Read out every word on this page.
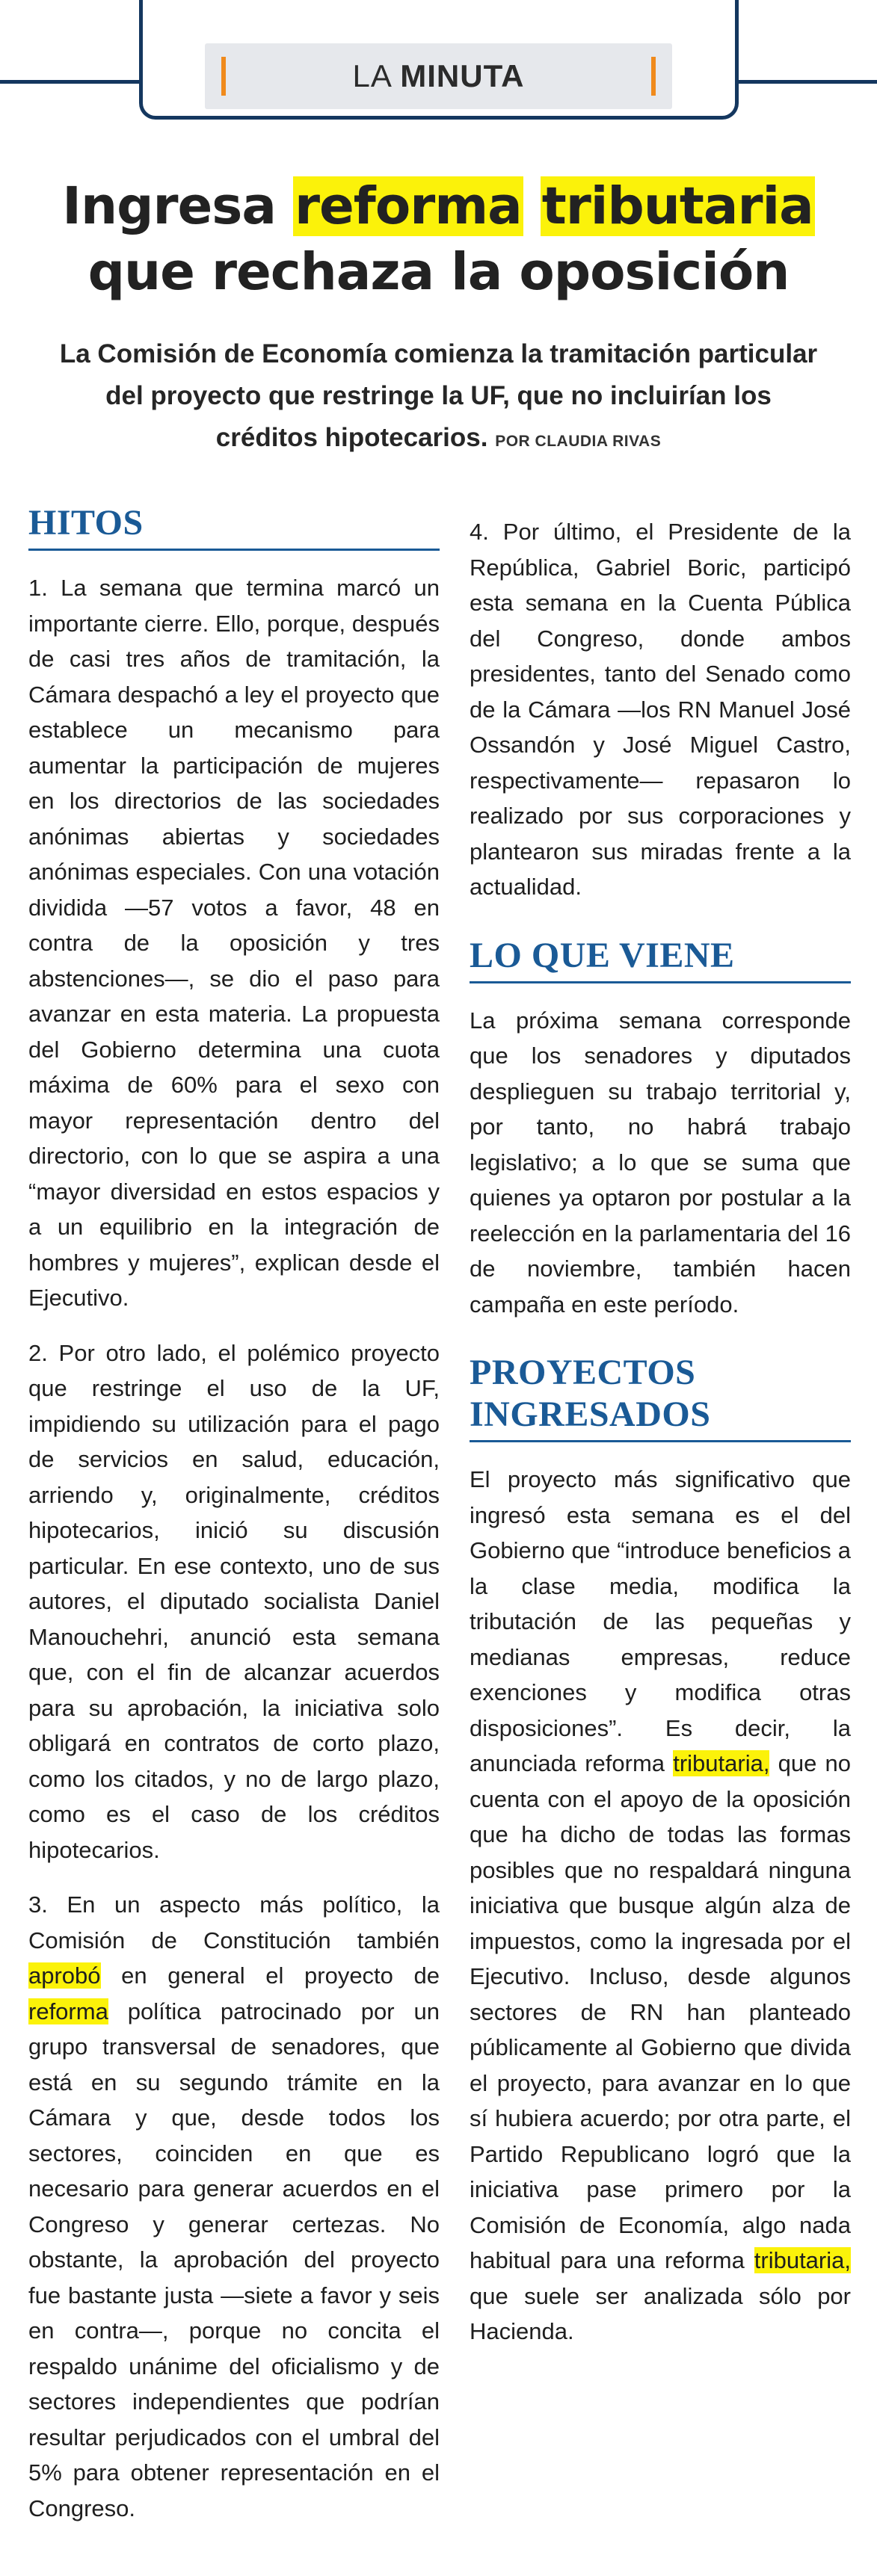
LA MINUTA
Ingresa reforma tributaria
que rechaza la oposición

La Comisión de Economía comienza la tramitación particular del proyecto que restringe la UF, que no incluirían los créditos hipotecarios. POR CLAUDIA RIVAS

HITOS

1. La semana que termina marcó un importante cierre. Ello, porque, después de casi tres años de tramitación, la Cámara despachó a ley el proyecto que establece un mecanismo para aumentar la participación de mujeres en los directorios de las sociedades anónimas abiertas y sociedades anónimas especiales. Con una votación dividida —57 votos a favor, 48 en contra de la oposición y tres abstenciones—, se dio el paso para avanzar en esta materia. La propuesta del Gobierno determina una cuota máxima de 60% para el sexo con mayor representación dentro del directorio, con lo que se aspira a una “mayor diversidad en estos espacios y a un equilibrio en la integración de hombres y mujeres”, explican desde el Ejecutivo.

2. Por otro lado, el polémico proyecto que restringe el uso de la UF, impidiendo su utilización para el pago de servicios en salud, educación, arriendo y, originalmente, créditos hipotecarios, inició su discusión particular. En ese contexto, uno de sus autores, el diputado socialista Daniel Manouchehri, anunció esta semana que, con el fin de alcanzar acuerdos para su aprobación, la iniciativa solo obligará en contratos de corto plazo, como los citados, y no de largo plazo, como es el caso de los créditos hipotecarios.

3. En un aspecto más político, la Comisión de Constitución también aprobó en general el proyecto de reforma política patrocinado por un grupo transversal de senadores, que está en su segundo trámite en la Cámara y que, desde todos los sectores, coinciden en que es necesario para generar acuerdos en el Congreso y generar certezas. No obstante, la aprobación del proyecto fue bastante justa —siete a favor y seis en contra—, porque no concita el respaldo unánime del oficialismo y de sectores independientes que podrían resultar perjudicados con el umbral del 5% para obtener representación en el Congreso.

4. Por último, el Presidente de la República, Gabriel Boric, participó esta semana en la Cuenta Pública del Congreso, donde ambos presidentes, tanto del Senado como de la Cámara —los RN Manuel José Ossandón y José Miguel Castro, respectivamente— repasaron lo realizado por sus corporaciones y plantearon sus miradas frente a la actualidad.

LO QUE VIENE

La próxima semana corresponde que los senadores y diputados desplieguen su trabajo territorial y, por tanto, no habrá trabajo legislativo; a lo que se suma que quienes ya optaron por postular a la reelección en la parlamentaria del 16 de noviembre, también hacen campaña en este período.

PROYECTOS INGRESADOS

El proyecto más significativo que ingresó esta semana es el del Gobierno que “introduce beneficios a la clase media, modifica la tributación de las pequeñas y medianas empresas, reduce exenciones y modifica otras disposiciones”. Es decir, la anunciada reforma tributaria, que no cuenta con el apoyo de la oposición que ha dicho de todas las formas posibles que no respaldará ninguna iniciativa que busque algún alza de impuestos, como la ingresada por el Ejecutivo. Incluso, desde algunos sectores de RN han planteado públicamente al Gobierno que divida el proyecto, para avanzar en lo que sí hubiera acuerdo; por otra parte, el Partido Republicano logró que la iniciativa pase primero por la Comisión de Economía, algo nada habitual para una reforma tributaria, que suele ser analizada sólo por Hacienda.
